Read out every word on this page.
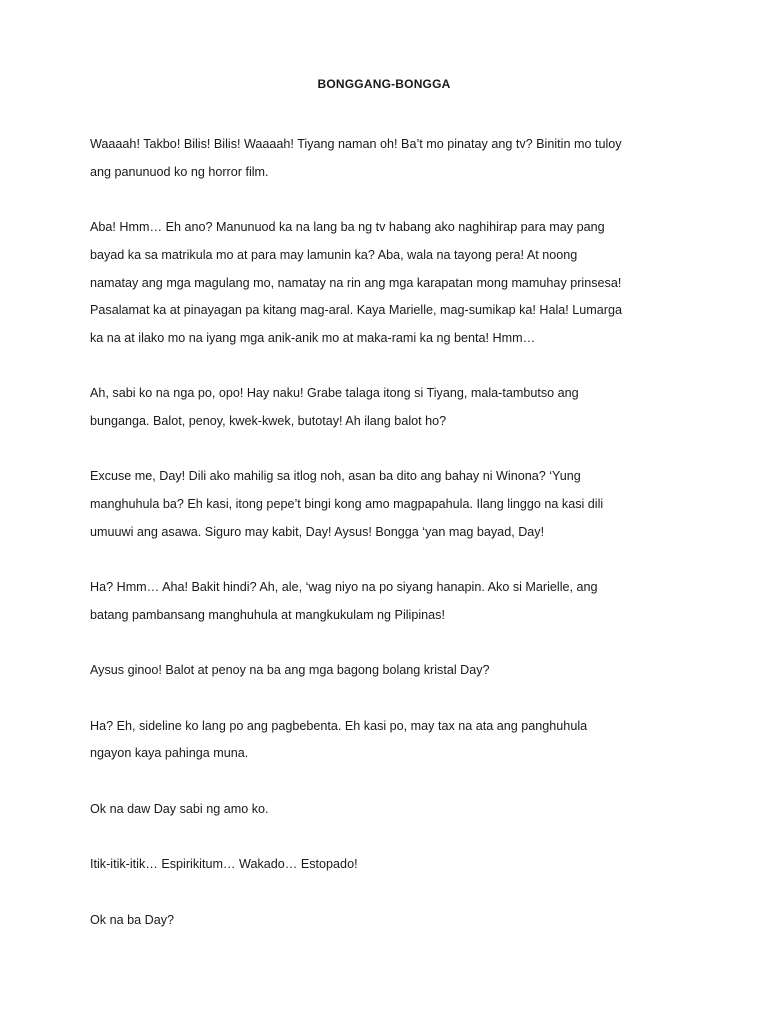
BONGGANG-BONGGA

Waaaah! Takbo! Bilis! Bilis! Waaaah! Tiyang naman oh! Ba’t mo pinatay ang tv? Binitin mo tuloy
ang panunuod ko ng horror film.

Aba! Hmm… Eh ano? Manunuod ka na lang ba ng tv habang ako naghihirap para may pang
bayad ka sa matrikula mo at para may lamunin ka? Aba, wala na tayong pera! At noong
namatay ang mga magulang mo, namatay na rin ang mga karapatan mong mamuhay prinsesa!
Pasalamat ka at pinayagan pa kitang mag-aral. Kaya Marielle, mag-sumikap ka! Hala! Lumarga
ka na at ilako mo na iyang mga anik-anik mo at maka-rami ka ng benta! Hmm…

Ah, sabi ko na nga po, opo! Hay naku! Grabe talaga itong si Tiyang, mala-tambutso ang
bunganga. Balot, penoy, kwek-kwek, butotay! Ah ilang balot ho?

Excuse me, Day! Dili ako mahilig sa itlog noh, asan ba dito ang bahay ni Winona? ‘Yung
manghuhula ba? Eh kasi, itong pepe’t bingi kong amo magpapahula. Ilang linggo na kasi dili
umuuwi ang asawa. Siguro may kabit, Day! Aysus! Bongga ‘yan mag bayad, Day!

Ha? Hmm… Aha! Bakit hindi? Ah, ale, ‘wag niyo na po siyang hanapin. Ako si Marielle, ang
batang pambansang manghuhula at mangkukulam ng Pilipinas!

Aysus ginoo! Balot at penoy na ba ang mga bagong bolang kristal Day?

Ha? Eh, sideline ko lang po ang pagbebenta. Eh kasi po, may tax na ata ang panghuhula
ngayon kaya pahinga muna.

Ok na daw Day sabi ng amo ko.

Itik-itik-itik… Espirikitum… Wakado… Estopado!

Ok na ba Day?
